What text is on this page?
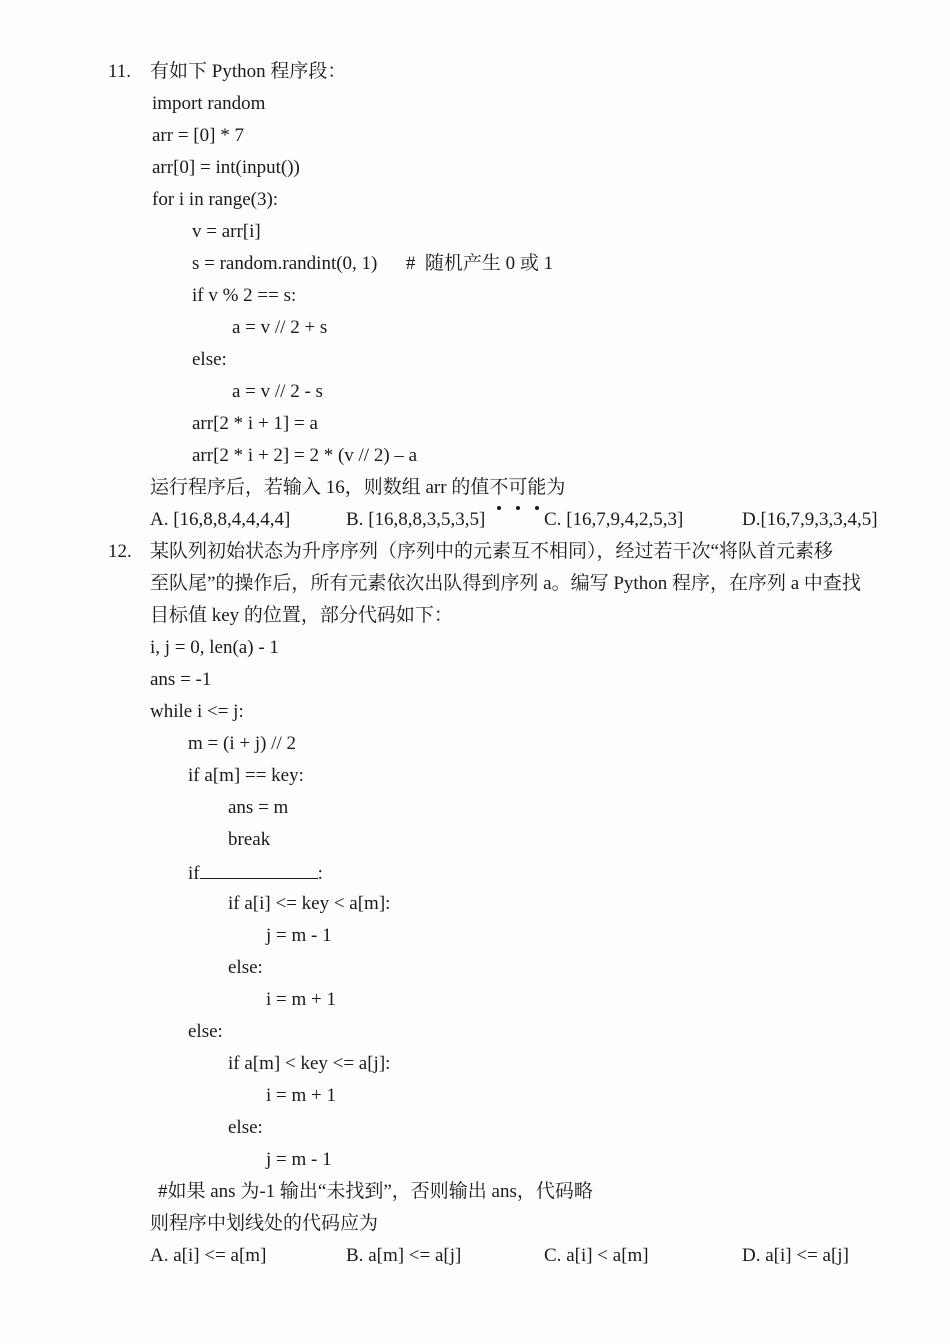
11. 有如下 Python 程序段：
import random
arr = [0] * 7
arr[0] = int(input())
for i in range(3):
v = arr[i]
s = random.randint(0, 1)      #  随机产生 0 或 1
if v % 2 == s:
a = v // 2 + s
else:
a = v // 2 - s
arr[2 * i + 1] = a
arr[2 * i + 2] = 2 * (v // 2) – a
运行程序后，若输入 16，则数组 arr 的值不可能为
A. [16,8,8,4,4,4,4]	B. [16,8,8,3,5,3,5]	C. [16,7,9,4,2,5,3]	D.[16,7,9,3,3,4,5]
12. 某队列初始状态为升序序列（序列中的元素互不相同），经过若干次“将队首元素移
至队尾”的操作后，所有元素依次出队得到序列 a。编写 Python 程序，在序列 a 中查找
目标值 key 的位置，部分代码如下：
i, j = 0, len(a) - 1
ans = -1
while i <= j:
m = (i + j) // 2
if a[m] == key:
ans = m
break
if	:
if a[i] <= key < a[m]:
j = m - 1
else:
i = m + 1
else:
if a[m] < key <= a[j]:
i = m + 1
else:
j = m - 1
#如果 ans 为-1 输出“未找到”，否则输出 ans，代码略
则程序中划线处的代码应为
A. a[i] <= a[m]	B. a[m] <= a[j]	C. a[i] < a[m]	D. a[i] <= a[j]
